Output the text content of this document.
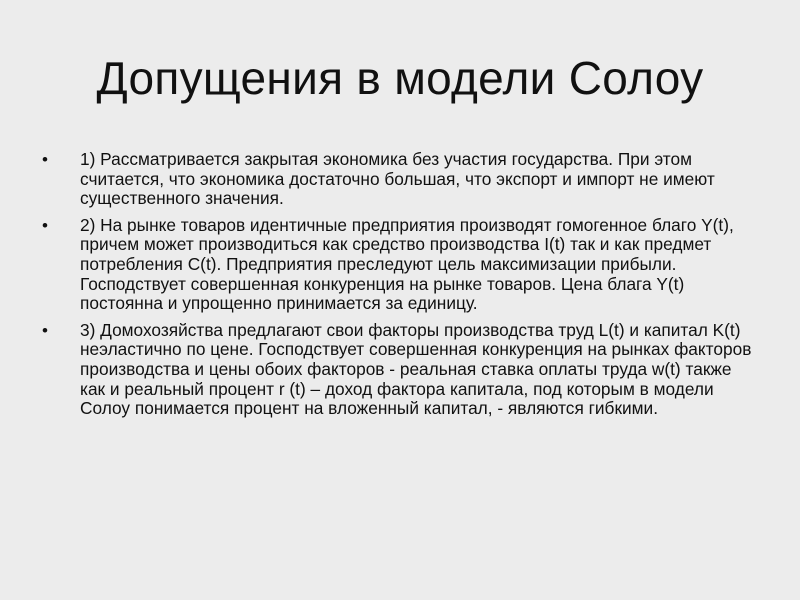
Допущения в модели Солоу
• 1) Рассматривается закрытая экономика без участия государства. При этом считается, что экономика достаточно большая, что экспорт и импорт не имеют существенного значения.
• 2) На рынке товаров идентичные предприятия производят гомогенное благо Y(t), причем может производиться как средство производства I(t) так и как предмет потребления C(t). Предприятия преследуют цель максимизации прибыли. Господствует совершенная конкуренция на рынке товаров. Цена блага Y(t) постоянна и упрощенно принимается за единицу.
• 3) Домохозяйства предлагают свои факторы производства труд L(t) и капитал K(t) неэластично по цене. Господствует совершенная конкуренция на рынках факторов производства и цены обоих факторов - реальная ставка оплаты труда w(t) также как и реальный процент r (t) – доход фактора капитала, под которым в модели Солоу понимается процент на вложенный капитал, - являются гибкими.
